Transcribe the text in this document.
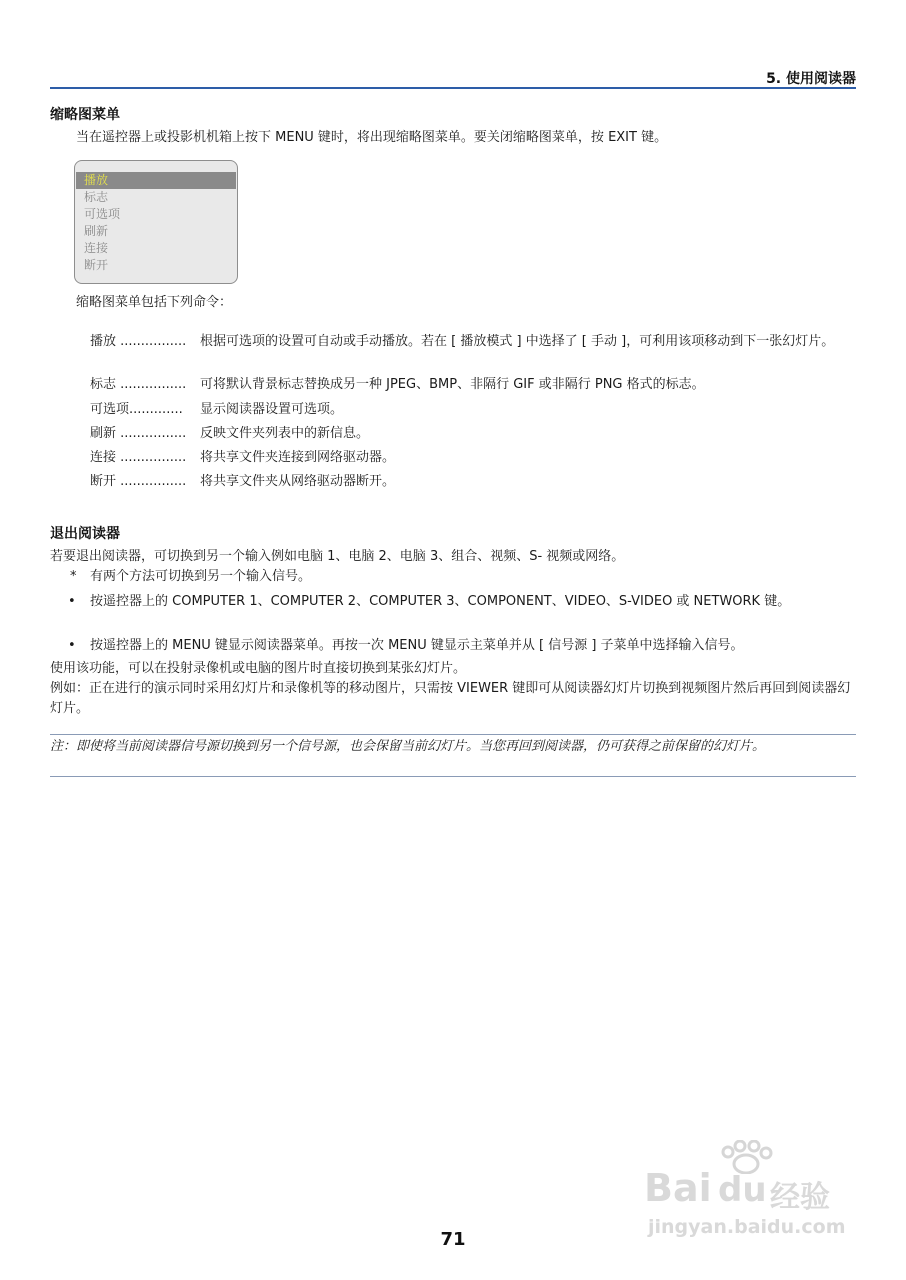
5. 使用阅读器
缩略图菜单
当在遥控器上或投影机机箱上按下 MENU 键时，将出现缩略图菜单。要关闭缩略图菜单，按 EXIT 键。
播放
标志
可选项
刷新
连接
断开
缩略图菜单包括下列命令：
播放 ................	根据可选项的设置可自动或手动播放。若在 [ 播放模式 ] 中选择了 [ 手动 ]，可利用该项移动到下一张幻灯片。
标志 ................	可将默认背景标志替换成另一种 JPEG、BMP、非隔行 GIF 或非隔行 PNG 格式的标志。
可选项.............	显示阅读器设置可选项。
刷新 ................	反映文件夹列表中的新信息。
连接 ................	将共享文件夹连接到网络驱动器。
断开 ................	将共享文件夹从网络驱动器断开。
退出阅读器
若要退出阅读器，可切换到另一个输入例如电脑 1、电脑 2、电脑 3、组合、视频、S- 视频或网络。
* 有两个方法可切换到另一个输入信号。
• 按遥控器上的 COMPUTER 1、COMPUTER 2、COMPUTER 3、COMPONENT、VIDEO、S-VIDEO 或 NETWORK 键。
• 按遥控器上的 MENU 键显示阅读器菜单。再按一次 MENU 键显示主菜单并从 [ 信号源 ] 子菜单中选择输入信号。
使用该功能，可以在投射录像机或电脑的图片时直接切换到某张幻灯片。
例如：正在进行的演示同时采用幻灯片和录像机等的移动图片，只需按 VIEWER 键即可从阅读器幻灯片切换到视频图片然后再回到阅读器幻灯片。
注：即使将当前阅读器信号源切换到另一个信号源，也会保留当前幻灯片。当您再回到阅读器，仍可获得之前保留的幻灯片。
Bai du 经验
jingyan.baidu.com
71
